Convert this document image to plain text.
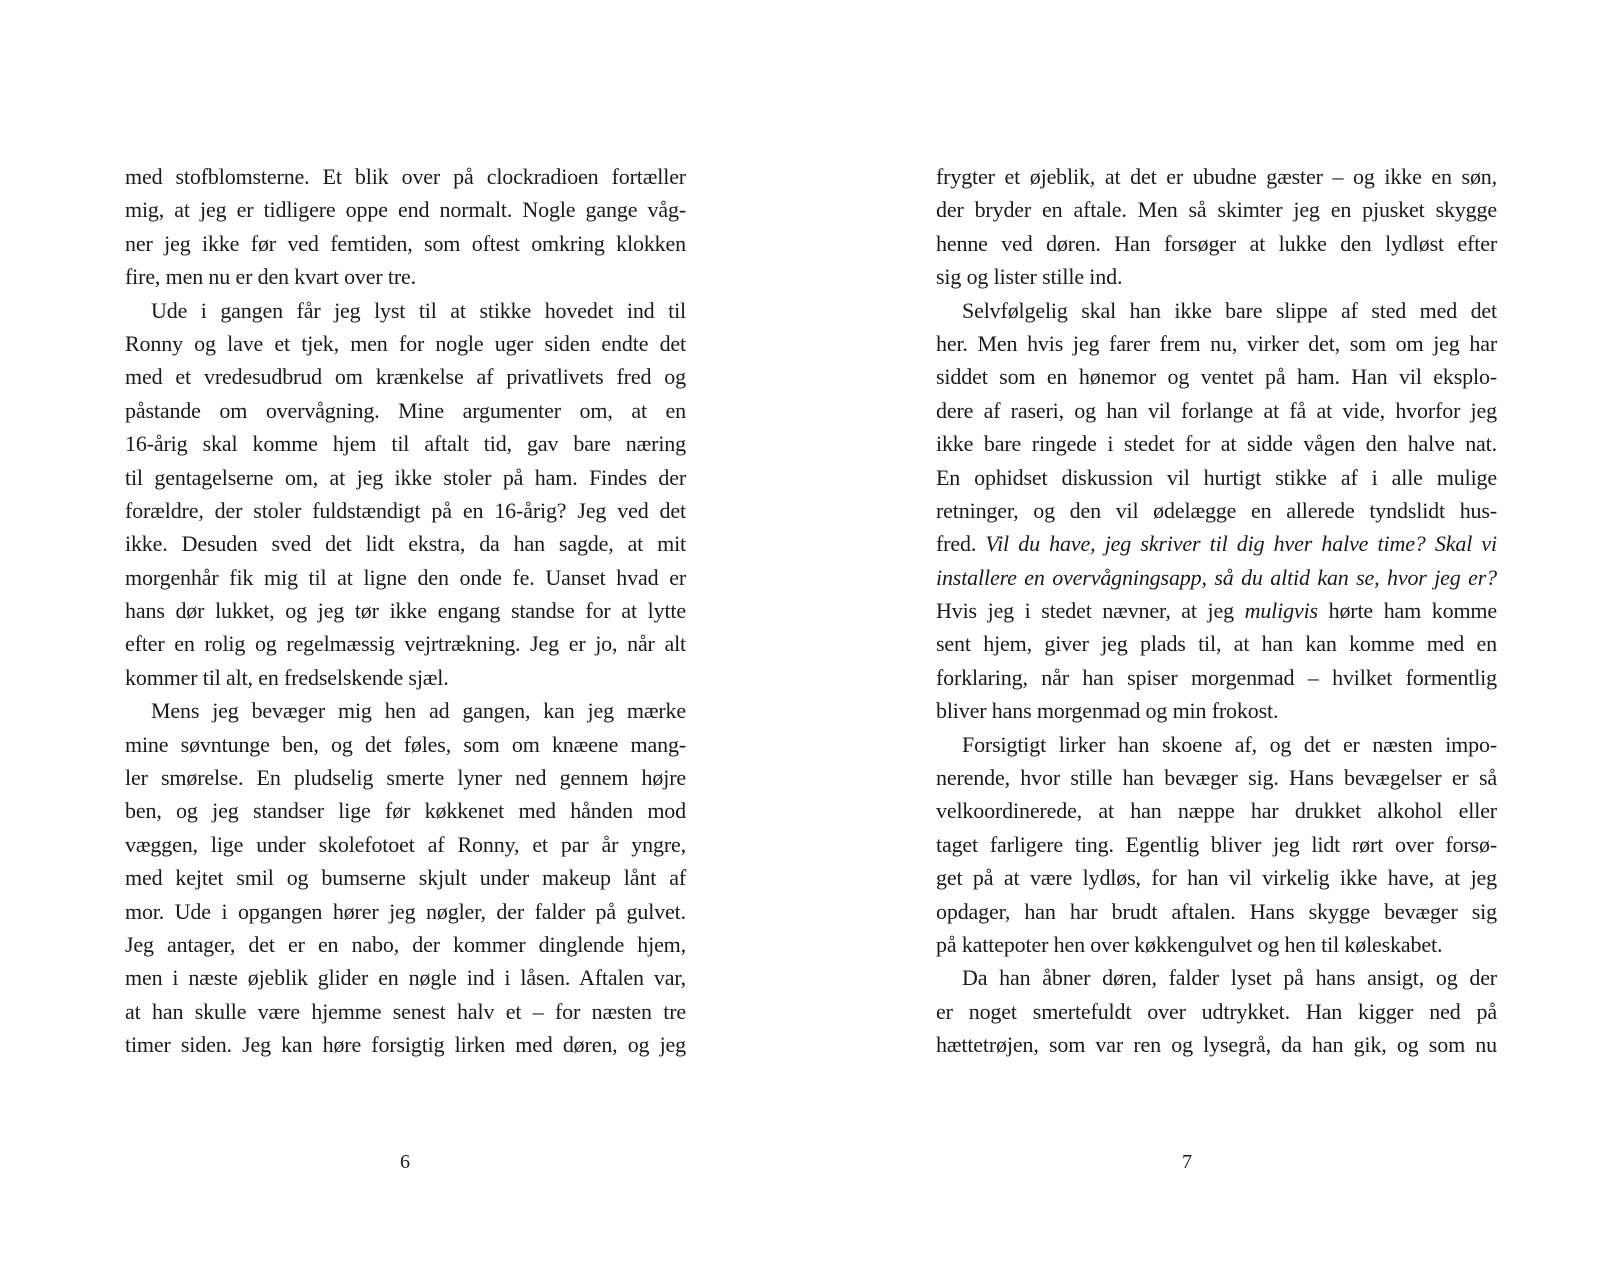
med stofblomsterne. Et blik over på clockradioen fortæller
mig, at jeg er tidligere oppe end normalt. Nogle gange våg-
ner jeg ikke før ved femtiden, som oftest omkring klokken
fire, men nu er den kvart over tre.
Ude i gangen får jeg lyst til at stikke hovedet ind til
Ronny og lave et tjek, men for nogle uger siden endte det
med et vredesudbrud om krænkelse af privatlivets fred og
påstande om overvågning. Mine argumenter om, at en
16-årig skal komme hjem til aftalt tid, gav bare næring
til gentagelserne om, at jeg ikke stoler på ham. Findes der
forældre, der stoler fuldstændigt på en 16-årig? Jeg ved det
ikke. Desuden sved det lidt ekstra, da han sagde, at mit
morgenhår fik mig til at ligne den onde fe. Uanset hvad er
hans dør lukket, og jeg tør ikke engang standse for at lytte
efter en rolig og regelmæssig vejrtrækning. Jeg er jo, når alt
kommer til alt, en fredselskende sjæl.
Mens jeg bevæger mig hen ad gangen, kan jeg mærke
mine søvntunge ben, og det føles, som om knæene mang-
ler smørelse. En pludselig smerte lyner ned gennem højre
ben, og jeg standser lige før køkkenet med hånden mod
væggen, lige under skolefotoet af Ronny, et par år yngre,
med kejtet smil og bumserne skjult under makeup lånt af
mor. Ude i opgangen hører jeg nøgler, der falder på gulvet.
Jeg antager, det er en nabo, der kommer dinglende hjem,
men i næste øjeblik glider en nøgle ind i låsen. Aftalen var,
at han skulle være hjemme senest halv et – for næsten tre
timer siden. Jeg kan høre forsigtig lirken med døren, og jeg
6
frygter et øjeblik, at det er ubudne gæster – og ikke en søn,
der bryder en aftale. Men så skimter jeg en pjusket skygge
henne ved døren. Han forsøger at lukke den lydløst efter
sig og lister stille ind.
Selvfølgelig skal han ikke bare slippe af sted med det
her. Men hvis jeg farer frem nu, virker det, som om jeg har
siddet som en hønemor og ventet på ham. Han vil eksplo-
dere af raseri, og han vil forlange at få at vide, hvorfor jeg
ikke bare ringede i stedet for at sidde vågen den halve nat.
En ophidset diskussion vil hurtigt stikke af i alle mulige
retninger, og den vil ødelægge en allerede tyndslidt hus-
fred. Vil du have, jeg skriver til dig hver halve time? Skal vi
installere en overvågningsapp, så du altid kan se, hvor jeg er?
Hvis jeg i stedet nævner, at jeg muligvis hørte ham komme
sent hjem, giver jeg plads til, at han kan komme med en
forklaring, når han spiser morgenmad – hvilket formentlig
bliver hans morgenmad og min frokost.
Forsigtigt lirker han skoene af, og det er næsten impo-
nerende, hvor stille han bevæger sig. Hans bevægelser er så
velkoordinerede, at han næppe har drukket alkohol eller
taget farligere ting. Egentlig bliver jeg lidt rørt over forsø-
get på at være lydløs, for han vil virkelig ikke have, at jeg
opdager, han har brudt aftalen. Hans skygge bevæger sig
på kattepoter hen over køkkengulvet og hen til køleskabet.
Da han åbner døren, falder lyset på hans ansigt, og der
er noget smertefuldt over udtrykket. Han kigger ned på
hættetrøjen, som var ren og lysegrå, da han gik, og som nu
7
